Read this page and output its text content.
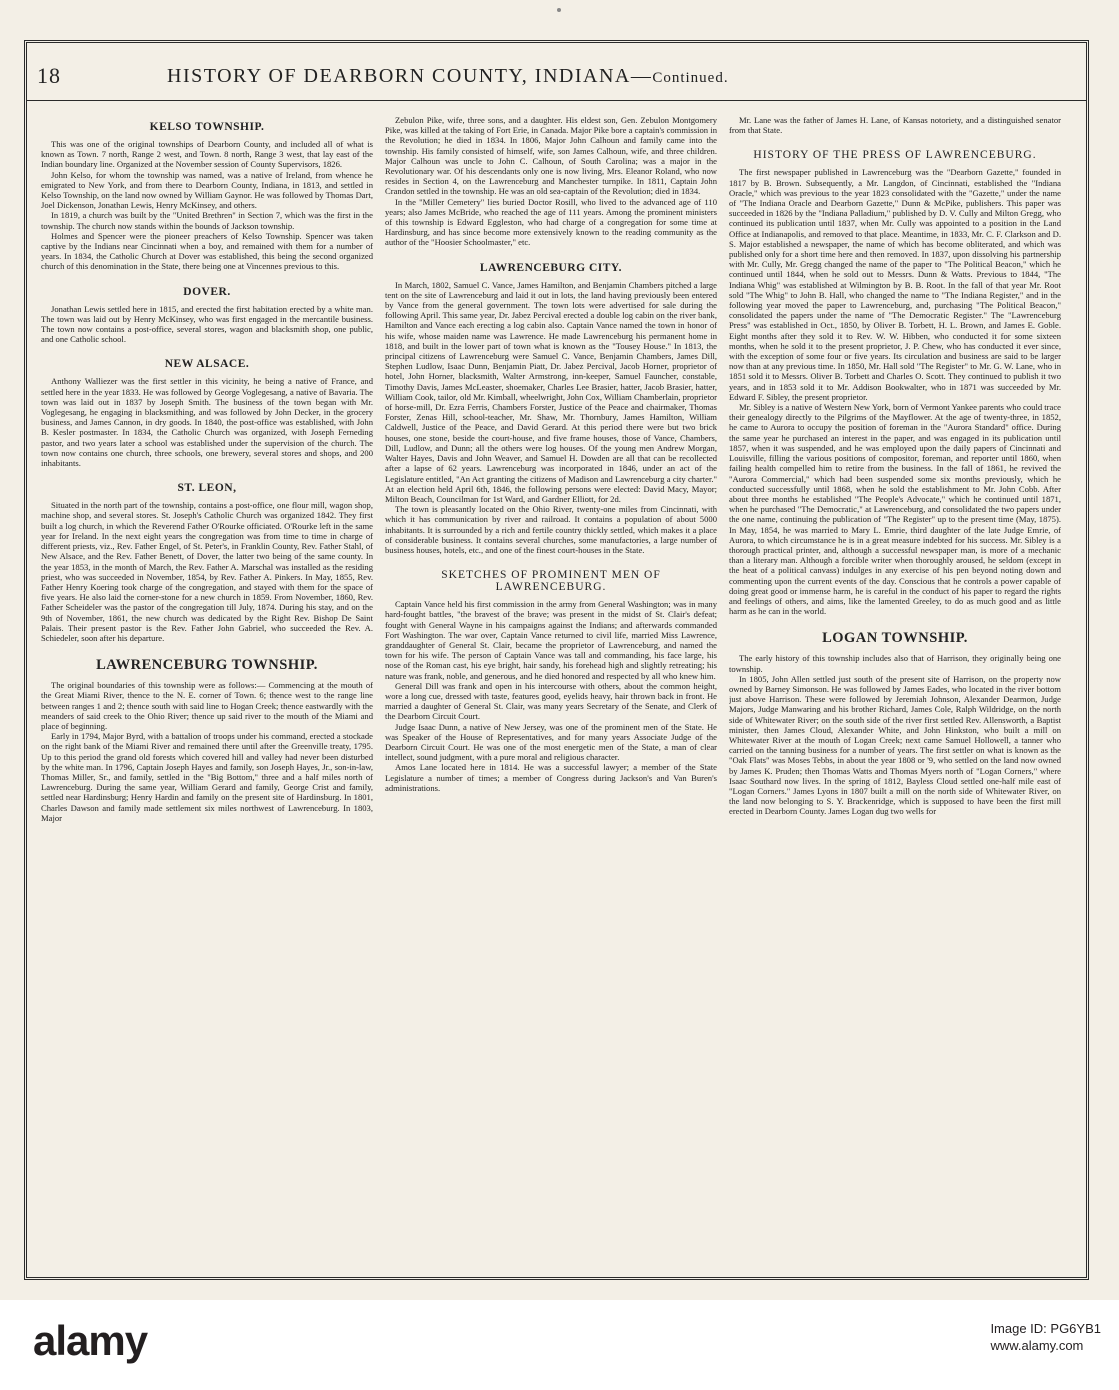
18	HISTORY OF DEARBORN COUNTY, INDIANA—Continued.
KELSO TOWNSHIP.

This was one of the original townships of Dearborn County, and included all of what is known as Town. 7 north, Range 2 west, and Town. 8 north, Range 3 west, that lay east of the Indian boundary line. Organized at the November session of County Supervisors, 1826.

John Kelso, for whom the township was named, was a native of Ireland, from whence he emigrated to New York, and from there to Dearborn County, Indiana, in 1813, and settled in Kelso Township, on the land now owned by William Gaynor. He was followed by Thomas Dart, Joel Dickenson, Jonathan Lewis, Henry McKinsey, and others.

In 1819, a church was built by the "United Brethren" in Section 7, which was the first in the township. The church now stands within the bounds of Jackson township.

Holmes and Spencer were the pioneer preachers of Kelso Township. Spencer was taken captive by the Indians near Cincinnati when a boy, and remained with them for a number of years. In 1834, the Catholic Church at Dover was established, this being the second organized church of this denomination in the State, there being one at Vincennes previous to this.

DOVER.

Jonathan Lewis settled here in 1815, and erected the first habitation erected by a white man. The town was laid out by Henry McKinsey, who was first engaged in the mercantile business. The town now contains a post-office, several stores, wagon and blacksmith shop, one public, and one Catholic school.

NEW ALSACE.

Anthony Walliezer was the first settler in this vicinity, he being a native of France, and settled here in the year 1833. He was followed by George Voglegesang, a native of Bavaria. The town was laid out in 1837 by Joseph Smith. The business of the town began with Mr. Voglegesang, he engaging in blacksmithing, and was followed by John Decker, in the grocery business, and James Cannon, in dry goods. In 1840, the post-office was established, with John B. Kesler postmaster. In 1834, the Catholic Church was organized, with Joseph Ferneding pastor, and two years later a school was established under the supervision of the church. The town now contains one church, three schools, one brewery, several stores and shops, and 200 inhabitants.

ST. LEON,

Situated in the north part of the township, contains a post-office, one flour mill, wagon shop, machine shop, and several stores. St. Joseph's Catholic Church was organized 1842. They first built a log church, in which the Reverend Father O'Rourke officiated. O'Rourke left in the same year for Ireland. In the next eight years the congregation was from time to time in charge of different priests, viz., Rev. Father Engel, of St. Peter's, in Franklin County, Rev. Father Stahl, of New Alsace, and the Rev. Father Benett, of Dover, the latter two being of the same county. In the year 1853, in the month of March, the Rev. Father A. Marschal was installed as the residing priest, who was succeeded in November, 1854, by Rev. Father A. Pinkers. In May, 1855, Rev. Father Henry Koering took charge of the congregation, and stayed with them for the space of five years. He also laid the corner-stone for a new church in 1859. From November, 1860, Rev. Father Scheideler was the pastor of the congregation till July, 1874. During his stay, and on the 9th of November, 1861, the new church was dedicated by the Right Rev. Bishop De Saint Palais. Their present pastor is the Rev. Father John Gabriel, who succeeded the Rev. A. Schiedeler, soon after his departure.

LAWRENCEBURG TOWNSHIP.

The original boundaries of this township were as follows:— Commencing at the mouth of the Great Miami River, thence to the N. E. corner of Town. 6; thence west to the range line between ranges 1 and 2; thence south with said line to Hogan Creek; thence eastwardly with the meanders of said creek to the Ohio River; thence up said river to the mouth of the Miami and place of beginning.

Early in 1794, Major Byrd, with a battalion of troops under his command, erected a stockade on the right bank of the Miami River and remained there until after the Greenville treaty, 1795. Up to this period the grand old forests which covered hill and valley had never been disturbed by the white man. In 1796, Captain Joseph Hayes and family, son Joseph Hayes, Jr., son-in-law, Thomas Miller, Sr., and family, settled in the "Big Bottom," three and a half miles north of Lawrenceburg. During the same year, William Gerard and family, George Crist and family, settled near Hardinsburg; Henry Hardin and family on the present site of Hardinsburg. In 1801, Charles Dawson and family made settlement six miles northwest of Lawrenceburg. In 1803, Major

Zebulon Pike, wife, three sons, and a daughter. His eldest son, Gen. Zebulon Montgomery Pike, was killed at the taking of Fort Erie, in Canada. Major Pike bore a captain's commission in the Revolution; he died in 1834. In 1806, Major John Calhoun and family came into the township. His family consisted of himself, wife, son James Calhoun, wife, and three children. Major Calhoun was uncle to John C. Calhoun, of South Carolina; was a major in the Revolutionary war. Of his descendants only one is now living, Mrs. Eleanor Roland, who now resides in Section 4, on the Lawrenceburg and Manchester turnpike. In 1811, Captain John Crandon settled in the township. He was an old sea-captain of the Revolution; died in 1834.

In the "Miller Cemetery" lies buried Doctor Rosill, who lived to the advanced age of 110 years; also James McBride, who reached the age of 111 years. Among the prominent ministers of this township is Edward Eggleston, who had charge of a congregation for some time at Hardinsburg, and has since become more extensively known to the reading community as the author of the "Hoosier Schoolmaster," etc.

LAWRENCEBURG CITY.

In March, 1802, Samuel C. Vance, James Hamilton, and Benjamin Chambers pitched a large tent on the site of Lawrenceburg and laid it out in lots, the land having previously been entered by Vance from the general government. The town lots were advertised for sale during the following April. This same year, Dr. Jabez Percival erected a double log cabin on the river bank, Hamilton and Vance each erecting a log cabin also. Captain Vance named the town in honor of his wife, whose maiden name was Lawrence. He made Lawrenceburg his permanent home in 1818, and built in the lower part of town what is known as the "Tousey House." In 1813, the principal citizens of Lawrenceburg were Samuel C. Vance, Benjamin Chambers, James Dill, Stephen Ludlow, Isaac Dunn, Benjamin Piatt, Dr. Jabez Percival, Jacob Horner, proprietor of hotel, John Horner, blacksmith, Walter Armstrong, inn-keeper, Samuel Fauncher, constable, Timothy Davis, James McLeaster, shoemaker, Charles Lee Brasier, hatter, Jacob Brasier, hatter, William Cook, tailor, old Mr. Kimball, wheelwright, John Cox, William Chamberlain, proprietor of horse-mill, Dr. Ezra Ferris, Chambers Forster, Justice of the Peace and chairmaker, Thomas Forster, Zenas Hill, school-teacher, Mr. Shaw, Mr. Thornbury, James Hamilton, William Caldwell, Justice of the Peace, and David Gerard. At this period there were but two brick houses, one stone, beside the court-house, and five frame houses, those of Vance, Chambers, Dill, Ludlow, and Dunn; all the others were log houses. Of the young men Andrew Morgan, Walter Hayes, Davis and John Weaver, and Samuel H. Dowden are all that can be recollected after a lapse of 62 years. Lawrenceburg was incorporated in 1846, under an act of the Legislature entitled, "An Act granting the citizens of Madison and Lawrenceburg a city charter." At an election held April 6th, 1846, the following persons were elected: David Macy, Mayor; Milton Beach, Councilman for 1st Ward, and Gardner Elliott, for 2d.

The town is pleasantly located on the Ohio River, twenty-one miles from Cincinnati, with which it has communication by river and railroad. It contains a population of about 5000 inhabitants. It is surrounded by a rich and fertile country thickly settled, which makes it a place of considerable business. It contains several churches, some manufactories, a large number of business houses, hotels, etc., and one of the finest court-houses in the State.

SKETCHES OF PROMINENT MEN OF LAWRENCEBURG.

Captain Vance held his first commission in the army from General Washington; was in many hard-fought battles, "the bravest of the brave; was present in the midst of St. Clair's defeat; fought with General Wayne in his campaigns against the Indians; and afterwards commanded Fort Washington. The war over, Captain Vance returned to civil life, married Miss Lawrence, granddaughter of General St. Clair, became the proprietor of Lawrenceburg, and named the town for his wife. The person of Captain Vance was tall and commanding, his face large, his nose of the Roman cast, his eye bright, hair sandy, his forehead high and slightly retreating; his nature was frank, noble, and generous, and he died honored and respected by all who knew him.

General Dill was frank and open in his intercourse with others, about the common height, wore a long cue, dressed with taste, features good, eyelids heavy, hair thrown back in front. He married a daughter of General St. Clair, was many years Secretary of the Senate, and Clerk of the Dearborn Circuit Court.

Judge Isaac Dunn, a native of New Jersey, was one of the prominent men of the State. He was Speaker of the House of Representatives, and for many years Associate Judge of the Dearborn Circuit Court. He was one of the most energetic men of the State, a man of clear intellect, sound judgment, with a pure moral and religious character.

Amos Lane located here in 1814. He was a successful lawyer; a member of the State Legislature a number of times; a member of Congress during Jackson's and Van Buren's administrations.

Mr. Lane was the father of James H. Lane, of Kansas notoriety, and a distinguished senator from that State.

HISTORY OF THE PRESS OF LAWRENCEBURG.

The first newspaper published in Lawrenceburg was the "Dearborn Gazette," founded in 1817 by B. Brown. Subsequently, a Mr. Langdon, of Cincinnati, established the "Indiana Oracle," which was previous to the year 1823 consolidated with the "Gazette," under the name of "The Indiana Oracle and Dearborn Gazette," Dunn & McPike, publishers. This paper was succeeded in 1826 by the "Indiana Palladium," published by D. V. Cully and Milton Gregg, who continued its publication until 1837, when Mr. Cully was appointed to a position in the Land Office at Indianapolis, and removed to that place. Meantime, in 1833, Mr. C. F. Clarkson and D. S. Major established a newspaper, the name of which has become obliterated, and which was published only for a short time here and then removed. In 1837, upon dissolving his partnership with Mr. Cully, Mr. Gregg changed the name of the paper to "The Political Beacon," which he continued until 1844, when he sold out to Messrs. Dunn & Watts. Previous to 1844, "The Indiana Whig" was established at Wilmington by B. B. Root. In the fall of that year Mr. Root sold "The Whig" to John B. Hall, who changed the name to "The Indiana Register," and in the following year moved the paper to Lawrenceburg, and, purchasing "The Political Beacon," consolidated the papers under the name of "The Democratic Register." The "Lawrenceburg Press" was established in Oct., 1850, by Oliver B. Torbett, H. L. Brown, and James E. Goble. Eight months after they sold it to Rev. W. W. Hibben, who conducted it for some sixteen months, when he sold it to the present proprietor, J. P. Chew, who has conducted it ever since, with the exception of some four or five years. Its circulation and business are said to be larger now than at any previous time. In 1850, Mr. Hall sold "The Register" to Mr. G. W. Lane, who in 1851 sold it to Messrs. Oliver B. Torbett and Charles O. Scott. They continued to publish it two years, and in 1853 sold it to Mr. Addison Bookwalter, who in 1871 was succeeded by Mr. Edward F. Sibley, the present proprietor.

Mr. Sibley is a native of Western New York, born of Vermont Yankee parents who could trace their genealogy directly to the Pilgrims of the Mayflower. At the age of twenty-three, in 1852, he came to Aurora to occupy the position of foreman in the "Aurora Standard" office. During the same year he purchased an interest in the paper, and was engaged in its publication until 1857, when it was suspended, and he was employed upon the daily papers of Cincinnati and Louisville, filling the various positions of compositor, foreman, and reporter until 1860, when failing health compelled him to retire from the business. In the fall of 1861, he revived the "Aurora Commercial," which had been suspended some six months previously, which he conducted successfully until 1868, when he sold the establishment to Mr. John Cobb. After about three months he established "The People's Advocate," which he continued until 1871, when he purchased "The Democratic," at Lawrenceburg, and consolidated the two papers under the one name, continuing the publication of "The Register" up to the present time (May, 1875). In May, 1854, he was married to Mary L. Emrie, third daughter of the late Judge Emrie, of Aurora, to which circumstance he is in a great measure indebted for his success. Mr. Sibley is a thorough practical printer, and, although a successful newspaper man, is more of a mechanic than a literary man. Although a forcible writer when thoroughly aroused, he seldom (except in the heat of a political canvass) indulges in any exercise of his pen beyond noting down and commenting upon the current events of the day. Conscious that he controls a power capable of doing great good or immense harm, he is careful in the conduct of his paper to regard the rights and feelings of others, and aims, like the lamented Greeley, to do as much good and as little harm as he can in the world.

LOGAN TOWNSHIP.

The early history of this township includes also that of Harrison, they originally being one township.

In 1805, John Allen settled just south of the present site of Harrison, on the property now owned by Barney Simonson. He was followed by James Eades, who located in the river bottom just above Harrison. These were followed by Jeremiah Johnson, Alexander Dearmon, Judge Majors, Judge Manwaring and his brother Richard, James Cole, Ralph Wildridge, on the north side of Whitewater River; on the south side of the river first settled Rev. Allensworth, a Baptist minister, then James Cloud, Alexander White, and John Hinkston, who built a mill on Whitewater River at the mouth of Logan Creek; next came Samuel Hollowell, a tanner who carried on the tanning business for a number of years. The first settler on what is known as the "Oak Flats" was Moses Tebbs, in about the year 1808 or '9, who settled on the land now owned by James K. Pruden; then Thomas Watts and Thomas Myers north of "Logan Corners," where Isaac Southard now lives. In the spring of 1812, Bayless Cloud settled one-half mile east of "Logan Corners." James Lyons in 1807 built a mill on the north side of Whitewater River, on the land now belonging to S. Y. Brackenridge, which is supposed to have been the first mill erected in Dearborn County. James Logan dug two wells for

alamy	Image ID: PG6YB1
www.alamy.com
